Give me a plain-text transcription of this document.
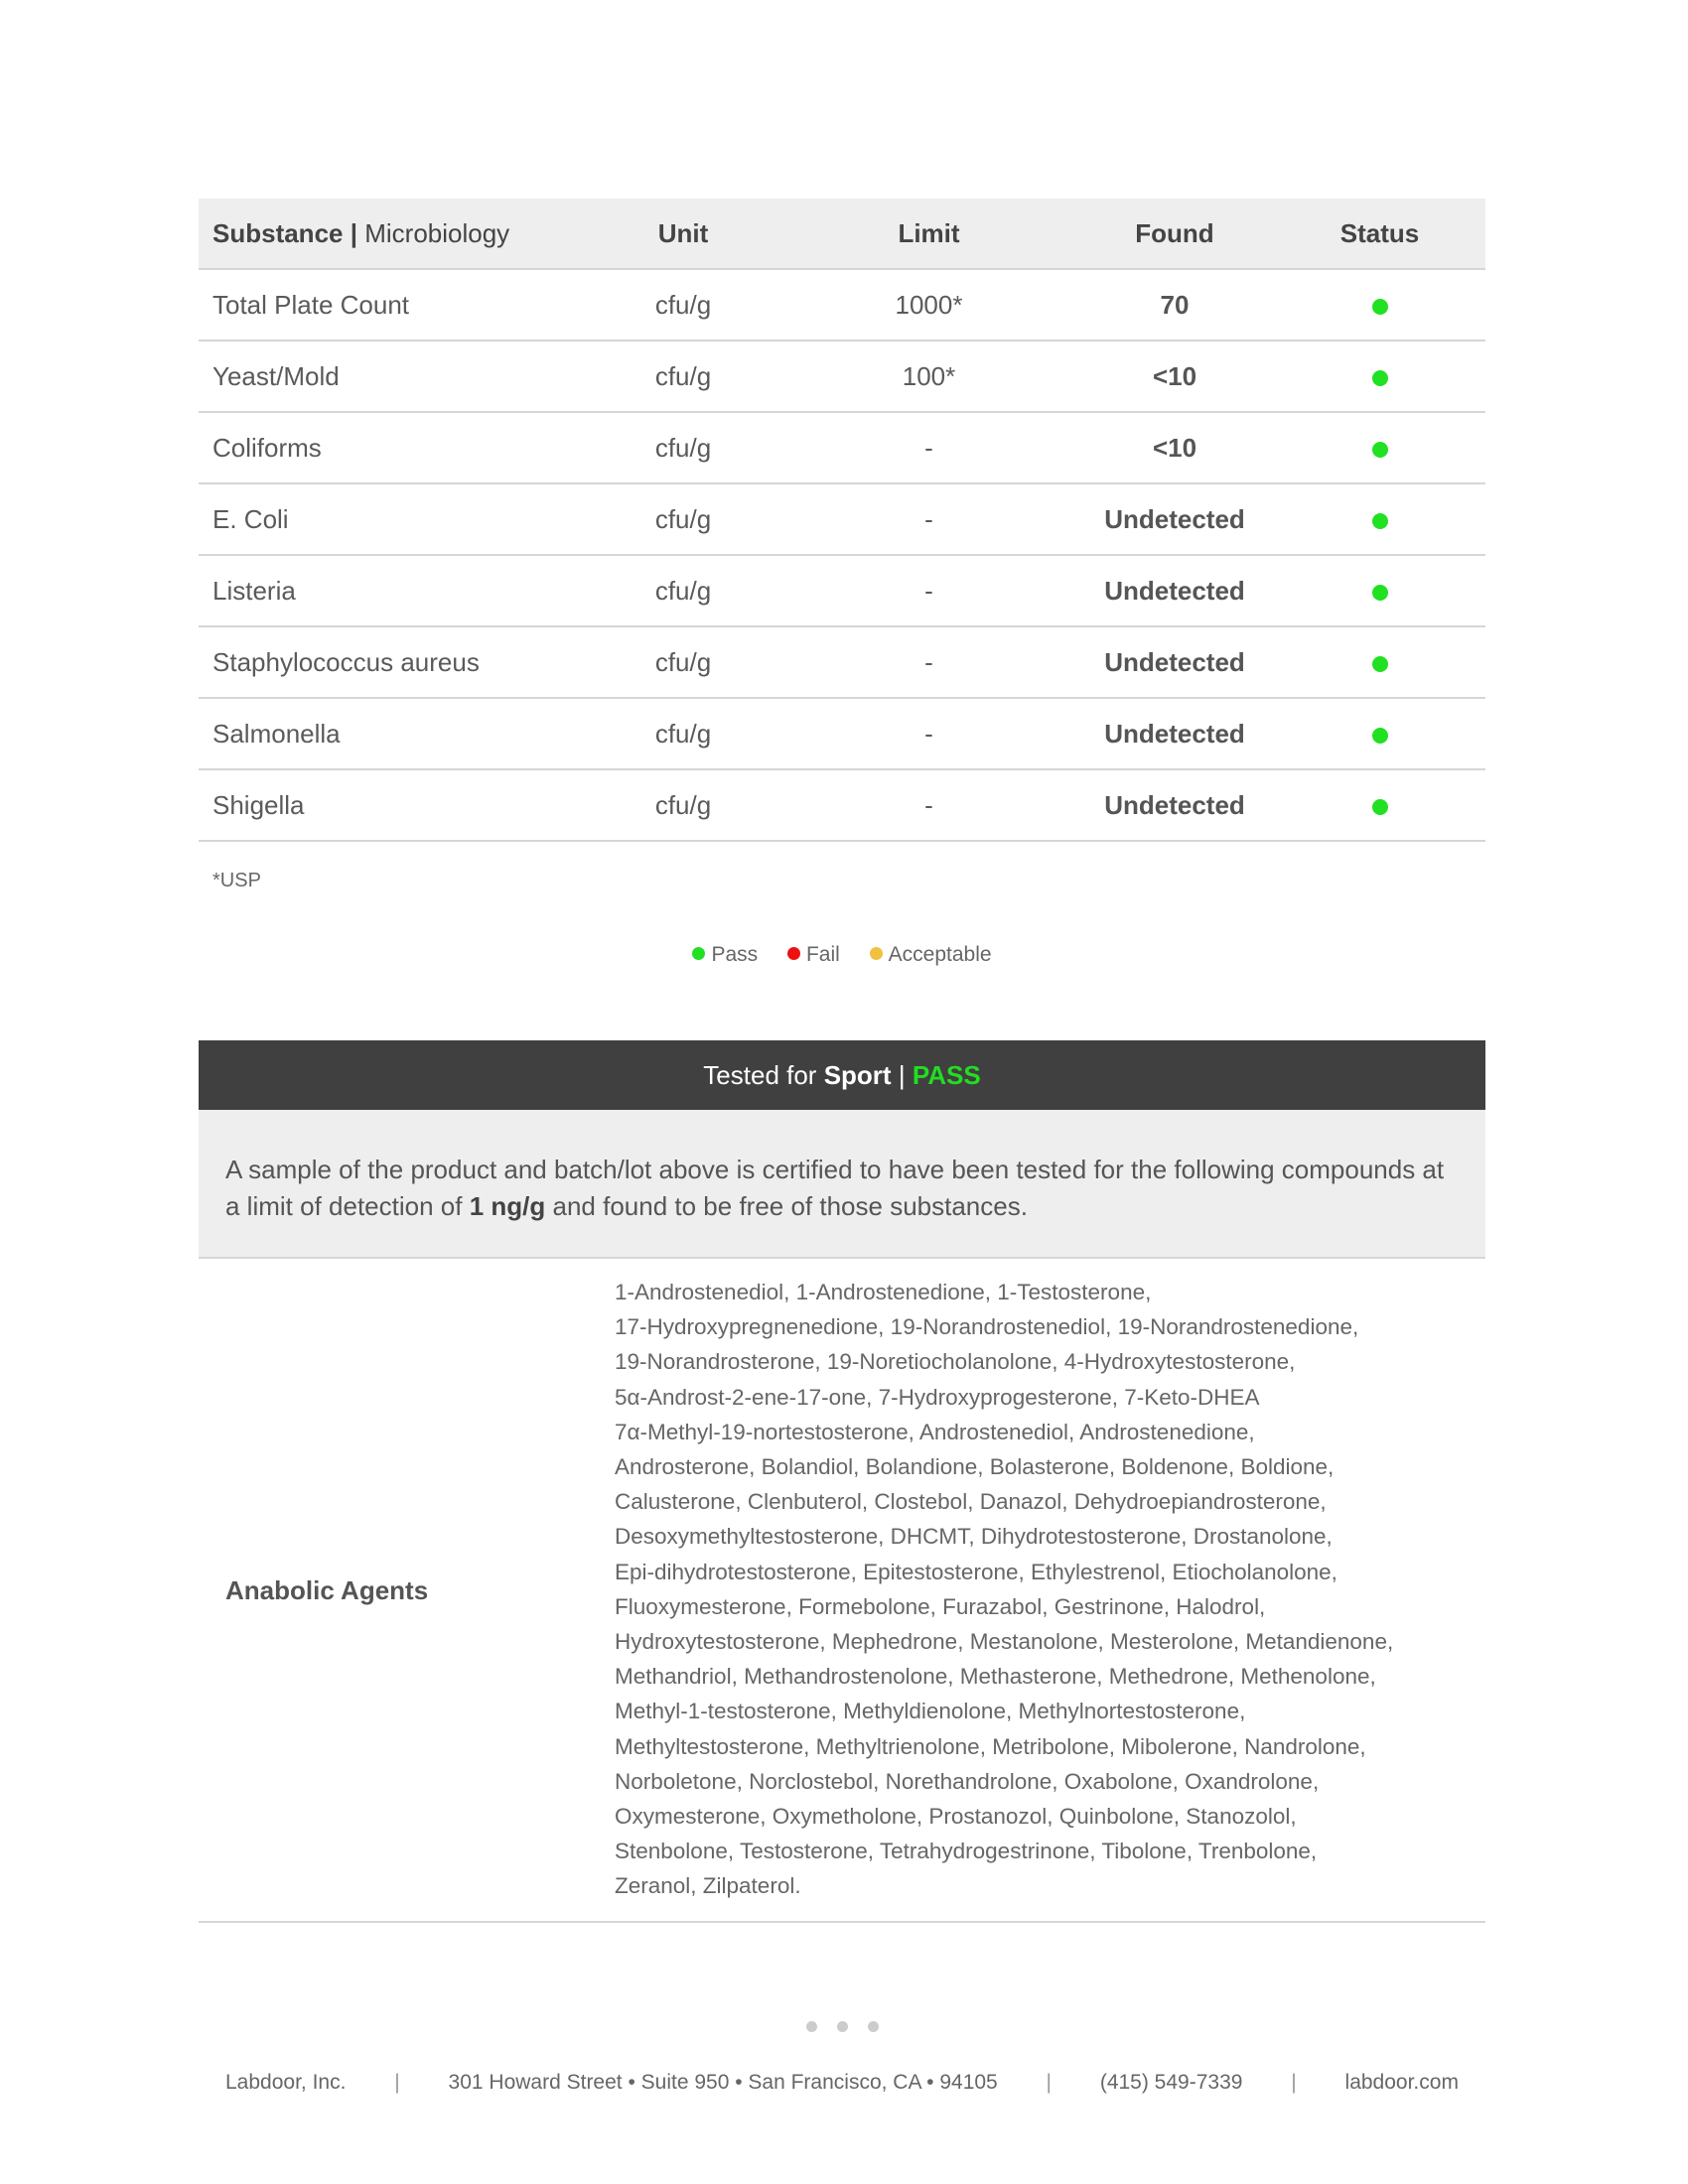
Substance | Microbiology	Unit	Limit	Found	Status
Total Plate Count	cfu/g	1000*	70	
Yeast/Mold	cfu/g	100*	<10	
Coliforms	cfu/g	-	<10	
E. Coli	cfu/g	-	Undetected	
Listeria	cfu/g	-	Undetected	
Staphylococcus aureus	cfu/g	-	Undetected	
Salmonella	cfu/g	-	Undetected	
Shigella	cfu/g	-	Undetected	
*USP
Pass Fail Acceptable
Tested for Sport | PASS
A sample of the product and batch/lot above is certified to have been tested for the following compounds at a limit of detection of 1 ng/g and found to be free of those substances.
Anabolic Agents
1-Androstenediol, 1-Androstenedione, 1-Testosterone,
17-Hydroxypregnenedione, 19-Norandrostenediol, 19-Norandrostenedione,
19-Norandrosterone, 19-Noretiocholanolone, 4-Hydroxytestosterone,
5α-Androst-2-ene-17-one, 7-Hydroxyprogesterone, 7-Keto-DHEA
7α-Methyl-19-nortestosterone, Androstenediol, Androstenedione,
Androsterone, Bolandiol, Bolandione, Bolasterone, Boldenone, Boldione,
Calusterone, Clenbuterol, Clostebol, Danazol, Dehydroepiandrosterone,
Desoxymethyltestosterone, DHCMT, Dihydrotestosterone, Drostanolone,
Epi-dihydrotestosterone, Epitestosterone, Ethylestrenol, Etiocholanolone,
Fluoxymesterone, Formebolone, Furazabol, Gestrinone, Halodrol,
Hydroxytestosterone, Mephedrone, Mestanolone, Mesterolone, Metandienone,
Methandriol, Methandrostenolone, Methasterone, Methedrone, Methenolone,
Methyl-1-testosterone, Methyldienolone, Methylnortestosterone,
Methyltestosterone, Methyltrienolone, Metribolone, Mibolerone, Nandrolone,
Norboletone, Norclostebol, Norethandrolone, Oxabolone, Oxandrolone,
Oxymesterone, Oxymetholone, Prostanozol, Quinbolone, Stanozolol,
Stenbolone, Testosterone, Tetrahydrogestrinone, Tibolone, Trenbolone,
Zeranol, Zilpaterol.
Labdoor, Inc. | 301 Howard Street • Suite 950 • San Francisco, CA • 94105 | (415) 549-7339 | labdoor.com
